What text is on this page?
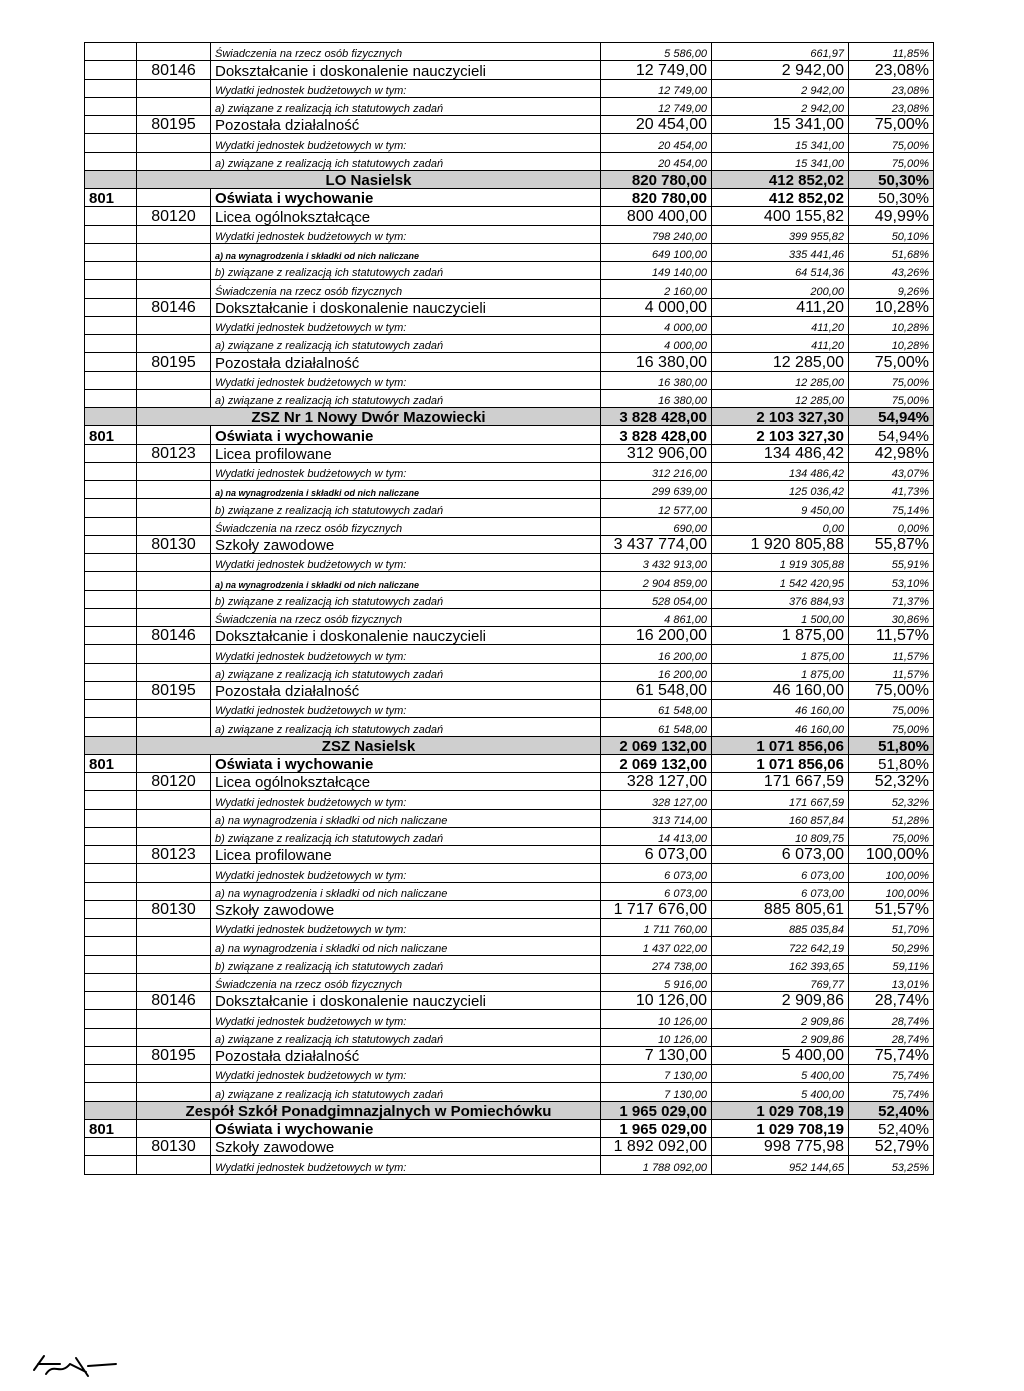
		Świadczenia na rzecz osób fizycznych	5 586,00	661,97	11,85%
	80146	Dokształcanie i doskonalenie nauczycieli	12 749,00	2 942,00	23,08%
		Wydatki jednostek budżetowych w tym:	12 749,00	2 942,00	23,08%
		a) związane z realizacją ich statutowych zadań	12 749,00	2 942,00	23,08%
	80195	Pozostała działalność	20 454,00	15 341,00	75,00%
		Wydatki jednostek budżetowych w tym:	20 454,00	15 341,00	75,00%
		a) związane z realizacją ich statutowych zadań	20 454,00	15 341,00	75,00%
	LO Nasielsk		820 780,00	412 852,02	50,30%
801		Oświata i wychowanie	820 780,00	412 852,02	50,30%
	80120	Licea ogólnokształcące	800 400,00	400 155,82	49,99%
		Wydatki jednostek budżetowych w tym:	798 240,00	399 955,82	50,10%
		a) na wynagrodzenia i składki od nich naliczane	649 100,00	335 441,46	51,68%
		b) związane z realizacją ich statutowych zadań	149 140,00	64 514,36	43,26%
		Świadczenia na rzecz osób fizycznych	2 160,00	200,00	9,26%
	80146	Dokształcanie i doskonalenie nauczycieli	4 000,00	411,20	10,28%
		Wydatki jednostek budżetowych w tym:	4 000,00	411,20	10,28%
		a) związane z realizacją ich statutowych zadań	4 000,00	411,20	10,28%
	80195	Pozostała działalność	16 380,00	12 285,00	75,00%
		Wydatki jednostek budżetowych w tym:	16 380,00	12 285,00	75,00%
		a) związane z realizacją ich statutowych zadań	16 380,00	12 285,00	75,00%
	ZSZ Nr 1 Nowy Dwór Mazowiecki		3 828 428,00	2 103 327,30	54,94%
801		Oświata i wychowanie	3 828 428,00	2 103 327,30	54,94%
	80123	Licea profilowane	312 906,00	134 486,42	42,98%
		Wydatki jednostek budżetowych w tym:	312 216,00	134 486,42	43,07%
		a) na wynagrodzenia i składki od nich naliczane	299 639,00	125 036,42	41,73%
		b) związane z realizacją ich statutowych zadań	12 577,00	9 450,00	75,14%
		Świadczenia na rzecz osób fizycznych	690,00	0,00	0,00%
	80130	Szkoły zawodowe	3 437 774,00	1 920 805,88	55,87%
		Wydatki jednostek budżetowych w tym:	3 432 913,00	1 919 305,88	55,91%
		a) na wynagrodzenia i składki od nich naliczane	2 904 859,00	1 542 420,95	53,10%
		b) związane z realizacją ich statutowych zadań	528 054,00	376 884,93	71,37%
		Świadczenia na rzecz osób fizycznych	4 861,00	1 500,00	30,86%
	80146	Dokształcanie i doskonalenie nauczycieli	16 200,00	1 875,00	11,57%
		Wydatki jednostek budżetowych w tym:	16 200,00	1 875,00	11,57%
		a) związane z realizacją ich statutowych zadań	16 200,00	1 875,00	11,57%
	80195	Pozostała działalność	61 548,00	46 160,00	75,00%
		Wydatki jednostek budżetowych w tym:	61 548,00	46 160,00	75,00%
		a) związane z realizacją ich statutowych zadań	61 548,00	46 160,00	75,00%
	ZSZ Nasielsk		2 069 132,00	1 071 856,06	51,80%
801		Oświata i wychowanie	2 069 132,00	1 071 856,06	51,80%
	80120	Licea ogólnokształcące	328 127,00	171 667,59	52,32%
		Wydatki jednostek budżetowych w tym:	328 127,00	171 667,59	52,32%
		a) na wynagrodzenia i składki od nich naliczane	313 714,00	160 857,84	51,28%
		b) związane z realizacją ich statutowych zadań	14 413,00	10 809,75	75,00%
	80123	Licea profilowane	6 073,00	6 073,00	100,00%
		Wydatki jednostek budżetowych w tym:	6 073,00	6 073,00	100,00%
		a) na wynagrodzenia i składki od nich naliczane	6 073,00	6 073,00	100,00%
	80130	Szkoły zawodowe	1 717 676,00	885 805,61	51,57%
		Wydatki jednostek budżetowych w tym:	1 711 760,00	885 035,84	51,70%
		a) na wynagrodzenia i składki od nich naliczane	1 437 022,00	722 642,19	50,29%
		b) związane z realizacją ich statutowych zadań	274 738,00	162 393,65	59,11%
		Świadczenia na rzecz osób fizycznych	5 916,00	769,77	13,01%
	80146	Dokształcanie i doskonalenie nauczycieli	10 126,00	2 909,86	28,74%
		Wydatki jednostek budżetowych w tym:	10 126,00	2 909,86	28,74%
		a) związane z realizacją ich statutowych zadań	10 126,00	2 909,86	28,74%
	80195	Pozostała działalność	7 130,00	5 400,00	75,74%
		Wydatki jednostek budżetowych w tym:	7 130,00	5 400,00	75,74%
		a) związane z realizacją ich statutowych zadań	7 130,00	5 400,00	75,74%
	Zespół Szkół Ponadgimnazjalnych w Pomiechówku		1 965 029,00	1 029 708,19	52,40%
801		Oświata i wychowanie	1 965 029,00	1 029 708,19	52,40%
	80130	Szkoły zawodowe	1 892 092,00	998 775,98	52,79%
		Wydatki jednostek budżetowych w tym:	1 788 092,00	952 144,65	53,25%
